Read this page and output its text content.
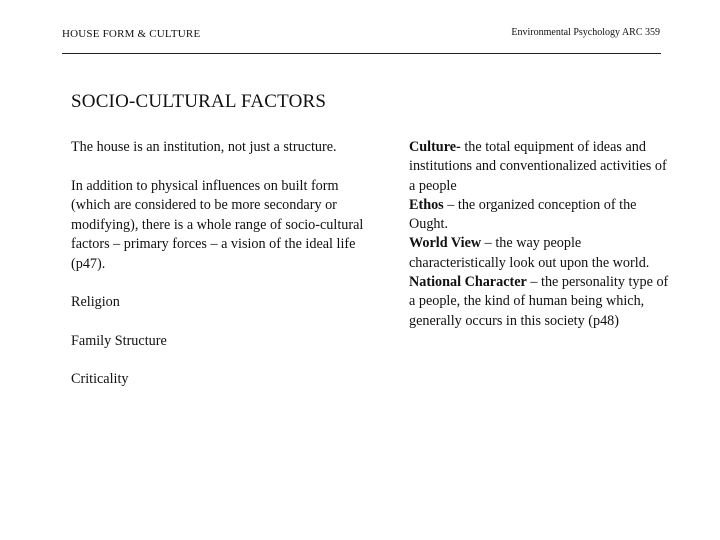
HOUSE FORM & CULTURE	Environmental Psychology ARC 359
SOCIO-CULTURAL FACTORS

The house is an institution, not just a structure.

In addition to physical influences on built form (which are considered to be more secondary or modifying), there is a whole range of socio-cultural factors – primary forces – a vision of the ideal life (p47).

Religion

Family Structure

Criticality

Culture- the total equipment of ideas and institutions and conventionalized activities of a people

Ethos – the organized conception of the Ought.

World View – the way people characteristically look out upon the world.

National Character – the personality type of a people, the kind of human being which, generally occurs in this society (p48)
